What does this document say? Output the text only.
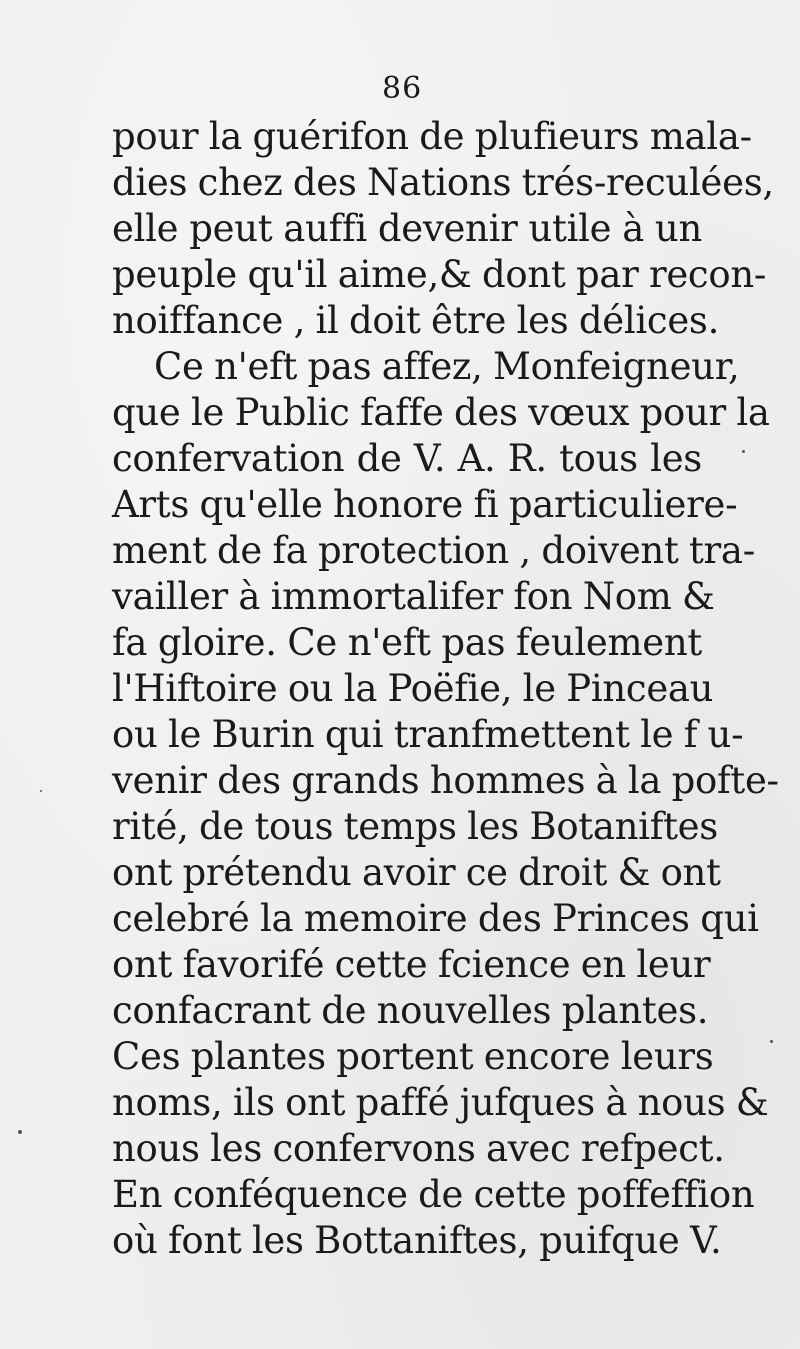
86
pour la guérifon de plufieurs mala-
dies chez des Nations trés-reculées,
elle peut auffi devenir utile à un
peuple qu'il aime,& dont par recon-
noiffance , il doit être les délices.
Ce n'eft pas affez, Monfeigneur,
que le Public faffe des vœux pour la
confervation de V. A. R. tous les
Arts qu'elle honore fi particuliere-
ment de fa protection , doivent tra-
vailler à immortalifer fon Nom &
fa gloire. Ce n'eft pas feulement
l'Hiftoire ou la Poëfie, le Pinceau
ou le Burin qui tranfmettent le f u-
venir des grands hommes à la pofte-
rité, de tous temps les Botaniftes
ont prétendu avoir ce droit & ont
celebré la memoire des Princes qui
ont favorifé cette fcience en leur
confacrant de nouvelles plantes.
Ces plantes portent encore leurs
noms, ils ont paffé jufques à nous &
nous les confervons avec refpect.
En conféquence de cette poffeffion
où font les Bottaniftes, puifque V.
